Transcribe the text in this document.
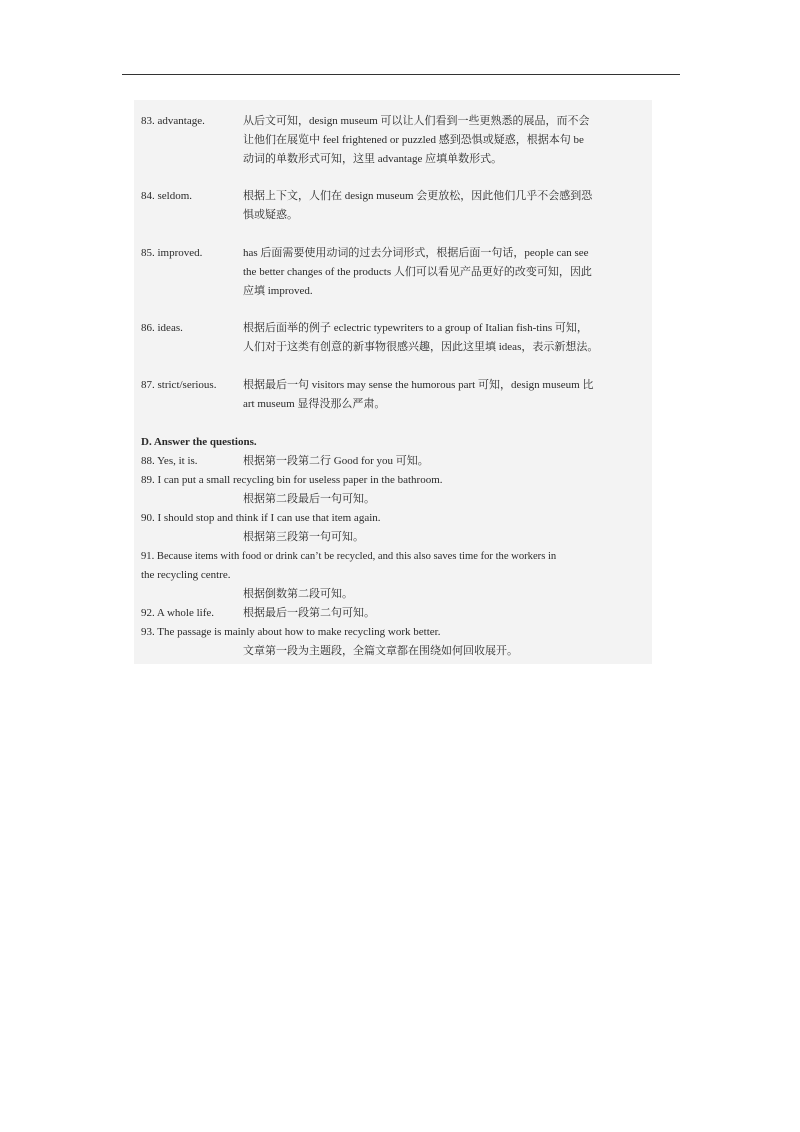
83. advantage.	从后文可知，design museum 可以让人们看到一些更熟悉的展品，而不会
让他们在展览中 feel frightened or puzzled 感到恐惧或疑惑，根据本句 be
动词的单数形式可知，这里 advantage 应填单数形式。
84. seldom.	根据上下文，人们在 design museum 会更放松，因此他们几乎不会感到恐
惧或疑惑。
85. improved.	has 后面需要使用动词的过去分词形式，根据后面一句话，people can see
the better changes of the products 人们可以看见产品更好的改变可知，因此
应填 improved.
86. ideas.	根据后面举的例子 eclectric typewriters to a group of Italian fish-tins 可知，
人们对于这类有创意的新事物很感兴趣，因此这里填 ideas，表示新想法。
87. strict/serious.	根据最后一句 visitors may sense the humorous part 可知，design museum 比
art museum 显得没那么严肃。
D. Answer the questions.
88. Yes, it is.	根据第一段第二行 Good for you 可知。
89. I can put a small recycling bin for useless paper in the bathroom.
根据第二段最后一句可知。
90. I should stop and think if I can use that item again.
根据第三段第一句可知。
91. Because items with food or drink can’t be recycled, and this also saves time for the workers in
the recycling centre.
根据倒数第二段可知。
92. A whole life.	根据最后一段第二句可知。
93. The passage is mainly about how to make recycling work better.
文章第一段为主题段，全篇文章都在围绕如何回收展开。
